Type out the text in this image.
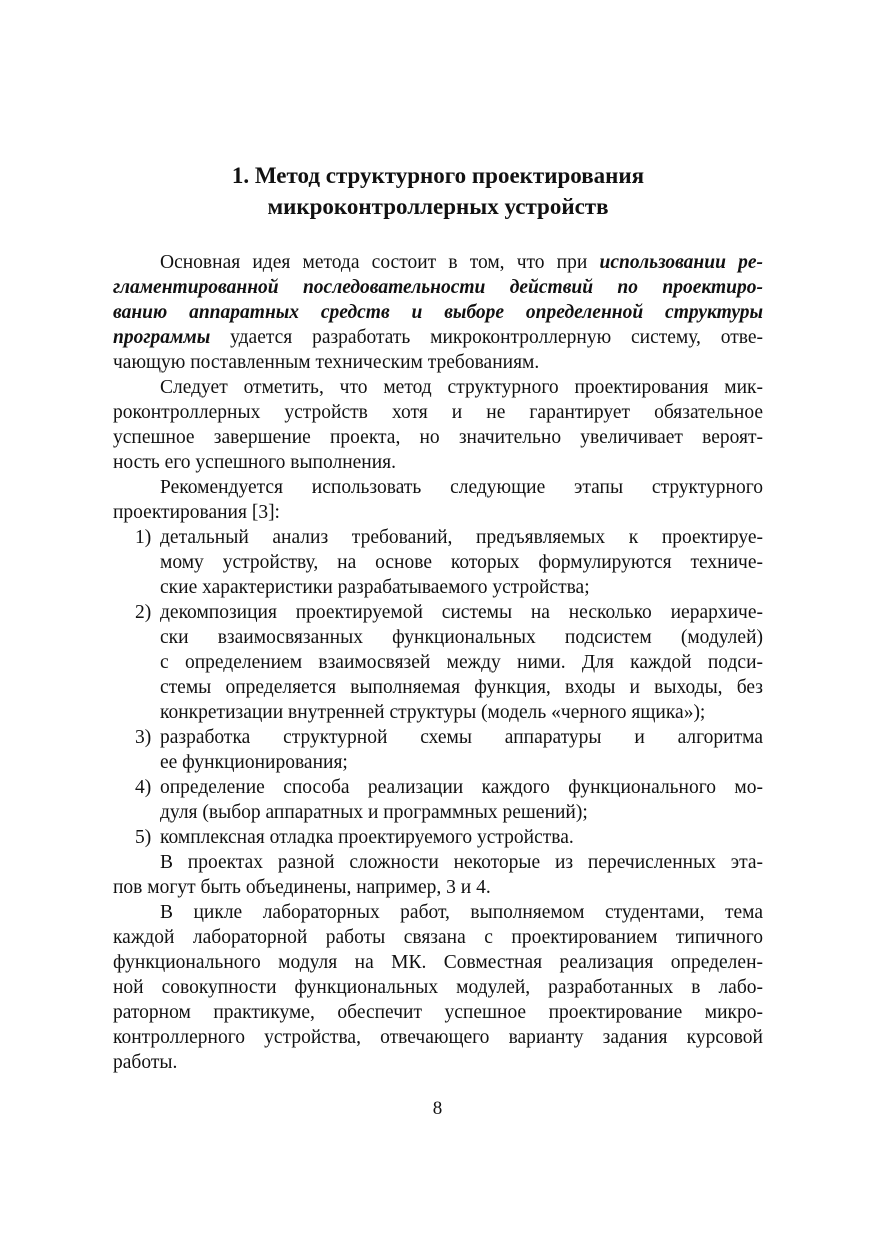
1. Метод структурного проектирования
микроконтроллерных устройств

Основная идея метода состоит в том, что при использовании ре-
гламентированной последовательности действий по проектиро-
ванию аппаратных средств и выборе определенной структуры
программы удается разработать микроконтроллерную систему, отве-
чающую поставленным техническим требованиям.

Следует отметить, что метод структурного проектирования мик-
роконтроллерных устройств хотя и не гарантирует обязательное
успешное завершение проекта, но значительно увеличивает вероят-
ность его успешного выполнения.

Рекомендуется использовать следующие этапы структурного
проектирования [3]:

1) детальный анализ требований, предъявляемых к проектируе-
мому устройству, на основе которых формулируются техниче-
ские характеристики разрабатываемого устройства;
2) декомпозиция проектируемой системы на несколько иерархиче-
ски взаимосвязанных функциональных подсистем (модулей)
с определением взаимосвязей между ними. Для каждой подси-
стемы определяется выполняемая функция, входы и выходы, без
конкретизации внутренней структуры (модель «черного ящика»);
3) разработка структурной схемы аппаратуры и алгоритма
ее функционирования;
4) определение способа реализации каждого функционального мо-
дуля (выбор аппаратных и программных решений);
5) комплексная отладка проектируемого устройства.

В проектах разной сложности некоторые из перечисленных эта-
пов могут быть объединены, например, 3 и 4.

В цикле лабораторных работ, выполняемом студентами, тема
каждой лабораторной работы связана с проектированием типичного
функционального модуля на МК. Совместная реализация определен-
ной совокупности функциональных модулей, разработанных в лабо-
раторном практикуме, обеспечит успешное проектирование микро-
контроллерного устройства, отвечающего варианту задания курсовой
работы.

8
